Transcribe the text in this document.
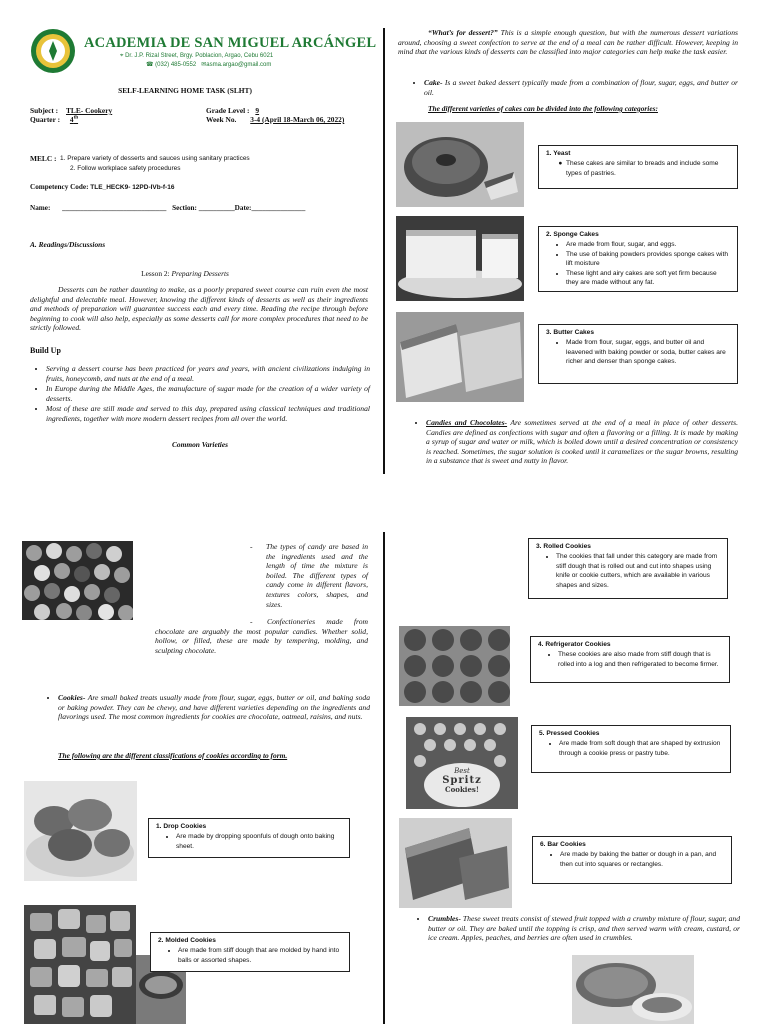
ACADEMIA DE SAN MIGUEL ARCÁNGEL
⌖ Dr. J.P. Rizal Street, Brgy. Poblacion, Argao, Cebu 6021
☎ (032) 485-0552 ✉asma.argao@gmail.com
SELF-LEARNING HOME TASK (SLHT)
Subject : TLE- Cookery	Grade Level : 9
Quarter : 4th	Week No. 3-4 (April 18-March 06, 2022)
MELC : 1. Prepare variety of desserts and sauces using sanitary practices
2. Follow workplace safety procedures
Competency Code: TLE_HECK9- 12PD-IVb-f-16
Name: _____________________________ Section: __________Date:_______________
A. Readings/Discussions
Lesson 2: Preparing Desserts
Desserts can be rather daunting to make, as a poorly prepared sweet course can ruin even the most delightful and delectable meal. However, knowing the different kinds of desserts as well as their ingredients and methods of preparation will guarantee success each and every time. Reading the recipe through before beginning to cook will also help, especially as some desserts call for more complex procedures that need to be strictly followed.
Build Up
• Serving a dessert course has been practiced for years and years, with ancient civilizations indulging in fruits, honeycomb, and nuts at the end of a meal.
• In Europe during the Middle Ages, the manufacture of sugar made for the creation of a wider variety of desserts.
• Most of these are still made and served to this day, prepared using classical techniques and traditional ingredients, together with more modern dessert recipes from all over the world.
Common Varieties
“What’s for dessert?” This is a simple enough question, but with the numerous dessert variations around, choosing a sweet confection to serve at the end of a meal can be rather difficult. However, keeping in mind that the various kinds of desserts can be classified into major categories can help make the task easier.
• Cake- Is a sweet baked dessert typically made from a combination of flour, sugar, eggs, and butter or oil.
The different varieties of cakes can be divided into the following categories:
1. Yeast
● These cakes are similar to breads and include some types of pastries.
2. Sponge Cakes
• Are made from flour, sugar, and eggs.
• The use of baking powders provides sponge cakes with lift moisture
• These light and airy cakes are soft yet firm because they are made without any fat.
3. Butter Cakes
• Made from flour, sugar, eggs, and butter oil and leavened with baking powder or soda, butter cakes are richer and denser than sponge cakes.
• Candies and Chocolates- Are sometimes served at the end of a meal in place of other desserts. Candies are defined as confections with sugar and often a flavoring or a filling. It is made by making a syrup of sugar and water or milk, which is boiled down until a desired concentration or consistency is reached. Sometimes, the sugar solution is cooked until it caramelizes or the sugar browns, resulting in a substance that is sweet and nutty in flavor.
- The types of candy are based in the ingredients used and the length of time the mixture is boiled. The different types of candy come in different flavors, textures colors, shapes, and sizes.
-	Confectioneries made from chocolate are arguably the most popular candies. Whether solid, hollow, or filled, these are made by tempering, molding, and sculpting chocolate.
• Cookies- Are small baked treats usually made from flour, sugar, eggs, butter or oil, and baking soda or baking powder. They can be chewy, and have different varieties depending on the ingredients and flavorings used. The most common ingredients for cookies are chocolate, oatmeal, raisins, and nuts.
The following are the different classifications of cookies according to form.
1. Drop Cookies
• Are made by dropping spoonfuls of dough onto baking sheet.
2. Molded Cookies
• Are made from stiff dough that are molded by hand into balls or assorted shapes.
3. Rolled Cookies
• The cookies that fall under this category are made from stiff dough that is rolled out and cut into shapes using knife or cookie cutters, which are available in various shapes and sizes.
4. Refrigerator Cookies
• These cookies are also made from stiff dough that is rolled into a log and then refrigerated to become firmer.
Best
Spritz
Cookies!
5. Pressed Cookies
• Are made from soft dough that are shaped by extrusion through a cookie press or pastry tube.
6. Bar Cookies
• Are made by baking the batter or dough in a pan, and then cut into squares or rectangles.
• Crumbles- These sweet treats consist of stewed fruit topped with a crumby mixture of flour, sugar, and butter or oil. They are baked until the topping is crisp, and then served warm with cream, custard, or ice cream. Apples, peaches, and berries are often used in crumbles.
